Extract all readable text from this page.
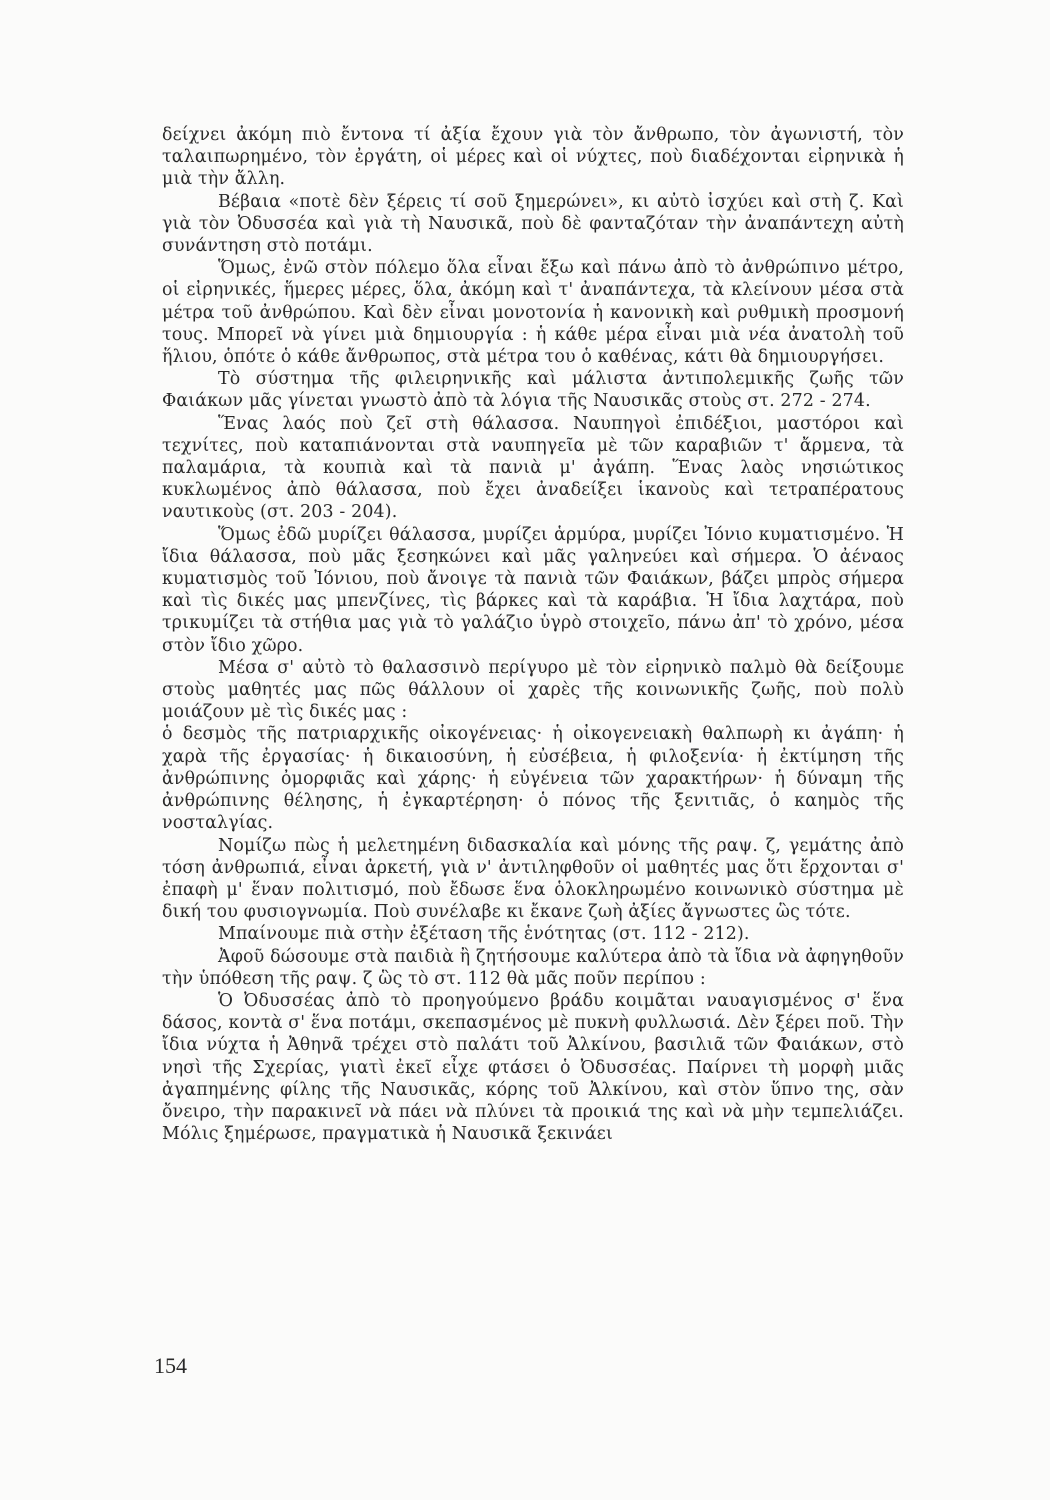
δείχνει ἀκόμη πιὸ ἔντονα τί ἀξία ἔχουν γιὰ τὸν ἄνθρωπο, τὸν ἀγωνιστή, τὸν ταλαιπωρημένο, τὸν ἐργάτη, οἱ μέρες καὶ οἱ νύχτες, ποὺ διαδέχονται εἰρηνικὰ ἡ μιὰ τὴν ἄλλη.

Βέβαια «ποτὲ δὲν ξέρεις τί σοῦ ξημερώνει», κι αὐτὸ ἰσχύει καὶ στὴ ζ. Καὶ γιὰ τὸν Ὀδυσσέα καὶ γιὰ τὴ Ναυσικᾶ, ποὺ δὲ φανταζόταν τὴν ἀναπάντεχη αὐτὴ συνάντηση στὸ ποτάμι.

Ὅμως, ἐνῶ στὸν πόλεμο ὅλα εἶναι ἔξω καὶ πάνω ἀπὸ τὸ ἀνθρώπινο μέτρο, οἱ εἰρηνικές, ἥμερες μέρες, ὅλα, ἀκόμη καὶ τ' ἀναπάντεχα, τὰ κλείνουν μέσα στὰ μέτρα τοῦ ἀνθρώπου. Καὶ δὲν εἶναι μονοτονία ἡ κανονικὴ καὶ ρυθμικὴ προσμονή τους. Μπορεῖ νὰ γίνει μιὰ δημιουργία : ἡ κάθε μέρα εἶναι μιὰ νέα ἀνατολὴ τοῦ ἥλιου, ὁπότε ὁ κάθε ἄνθρωπος, στὰ μέτρα του ὁ καθένας, κάτι θὰ δημιουργήσει.

Τὸ σύστημα τῆς φιλειρηνικῆς καὶ μάλιστα ἀντιπολεμικῆς ζωῆς τῶν Φαιάκων μᾶς γίνεται γνωστὸ ἀπὸ τὰ λόγια τῆς Ναυσικᾶς στοὺς στ. 272 - 274.

Ἕνας λαός ποὺ ζεῖ στὴ θάλασσα. Ναυπηγοὶ ἐπιδέξιοι, μαστόροι καὶ τεχνίτες, ποὺ καταπιάνονται στὰ ναυπηγεῖα μὲ τῶν καραβιῶν τ' ἄρμενα, τὰ παλαμάρια, τὰ κουπιὰ καὶ τὰ πανιὰ μ' ἀγάπη. Ἕνας λαὸς νησιώτικος κυκλωμένος ἀπὸ θάλασσα, ποὺ ἔχει ἀναδείξει ἱκανοὺς καὶ τετραπέρατους ναυτικοὺς (στ. 203 - 204).

Ὅμως ἐδῶ μυρίζει θάλασσα, μυρίζει ἁρμύρα, μυρίζει Ἰόνιο κυματισμένο. Ἡ ἴδια θάλασσα, ποὺ μᾶς ξεσηκώνει καὶ μᾶς γαληνεύει καὶ σήμερα. Ὁ ἀέναος κυματισμὸς τοῦ Ἰόνιου, ποὺ ἄνοιγε τὰ πανιὰ τῶν Φαιάκων, βάζει μπρὸς σήμερα καὶ τὶς δικές μας μπενζίνες, τὶς βάρκες καὶ τὰ καράβια. Ἡ ἴδια λαχτάρα, ποὺ τρικυμίζει τὰ στήθια μας γιὰ τὸ γαλάζιο ὑγρὸ στοιχεῖο, πάνω ἀπ' τὸ χρόνο, μέσα στὸν ἴδιο χῶρο.

Μέσα σ' αὐτὸ τὸ θαλασσινὸ περίγυρο μὲ τὸν εἰρηνικὸ παλμὸ θὰ δείξουμε στοὺς μαθητές μας πῶς θάλλουν οἱ χαρὲς τῆς κοινωνικῆς ζωῆς, ποὺ πολὺ μοιάζουν μὲ τὶς δικές μας :

ὁ δεσμὸς τῆς πατριαρχικῆς οἰκογένειας· ἡ οἰκογενειακὴ θαλπωρὴ κι ἀγάπη· ἡ χαρὰ τῆς ἐργασίας· ἡ δικαιοσύνη, ἡ εὐσέβεια, ἡ φιλοξενία· ἡ ἐκτίμηση τῆς ἀνθρώπινης ὀμορφιᾶς καὶ χάρης· ἡ εὐγένεια τῶν χαρακτήρων· ἡ δύναμη τῆς ἀνθρώπινης θέλησης, ἡ ἐγκαρτέρηση· ὁ πόνος τῆς ξενιτιᾶς, ὁ καημὸς τῆς νοσταλγίας.

Νομίζω πὼς ἡ μελετημένη διδασκαλία καὶ μόνης τῆς ραψ. ζ, γεμάτης ἀπὸ τόση ἀνθρωπιά, εἶναι ἀρκετή, γιὰ ν' ἀντιληφθοῦν οἱ μαθητές μας ὅτι ἔρχονται σ' ἐπαφὴ μ' ἕναν πολιτισμό, ποὺ ἔδωσε ἕνα ὁλοκληρωμένο κοινωνικὸ σύστημα μὲ δική του φυσιογνωμία. Ποὺ συνέλαβε κι ἔκανε ζωὴ ἀξίες ἄγνωστες ὣς τότε.

Μπαίνουμε πιὰ στὴν ἐξέταση τῆς ἑνότητας (στ. 112 - 212).

Ἀφοῦ δώσουμε στὰ παιδιὰ ἢ ζητήσουμε καλύτερα ἀπὸ τὰ ἴδια νὰ ἀφηγηθοῦν τὴν ὑπόθεση τῆς ραψ. ζ ὣς τὸ στ. 112 θὰ μᾶς ποῦν περίπου :

Ὁ Ὀδυσσέας ἀπὸ τὸ προηγούμενο βράδυ κοιμᾶται ναυαγισμένος σ' ἕνα δάσος, κοντὰ σ' ἕνα ποτάμι, σκεπασμένος μὲ πυκνὴ φυλλωσιά. Δὲν ξέρει ποῦ. Τὴν ἴδια νύχτα ἡ Ἀθηνᾶ τρέχει στὸ παλάτι τοῦ Ἀλκίνου, βασιλιᾶ τῶν Φαιάκων, στὸ νησὶ τῆς Σχερίας, γιατὶ ἐκεῖ εἶχε φτάσει ὁ Ὀδυσσέας. Παίρνει τὴ μορφὴ μιᾶς ἀγαπημένης φίλης τῆς Ναυσικᾶς, κόρης τοῦ Ἀλκίνου, καὶ στὸν ὕπνο της, σὰν ὄνειρο, τὴν παρακινεῖ νὰ πάει νὰ πλύνει τὰ προικιά της καὶ νὰ μὴν τεμπελιάζει. Μόλις ξημέρωσε, πραγματικὰ ἡ Ναυσικᾶ ξεκινάει

154
